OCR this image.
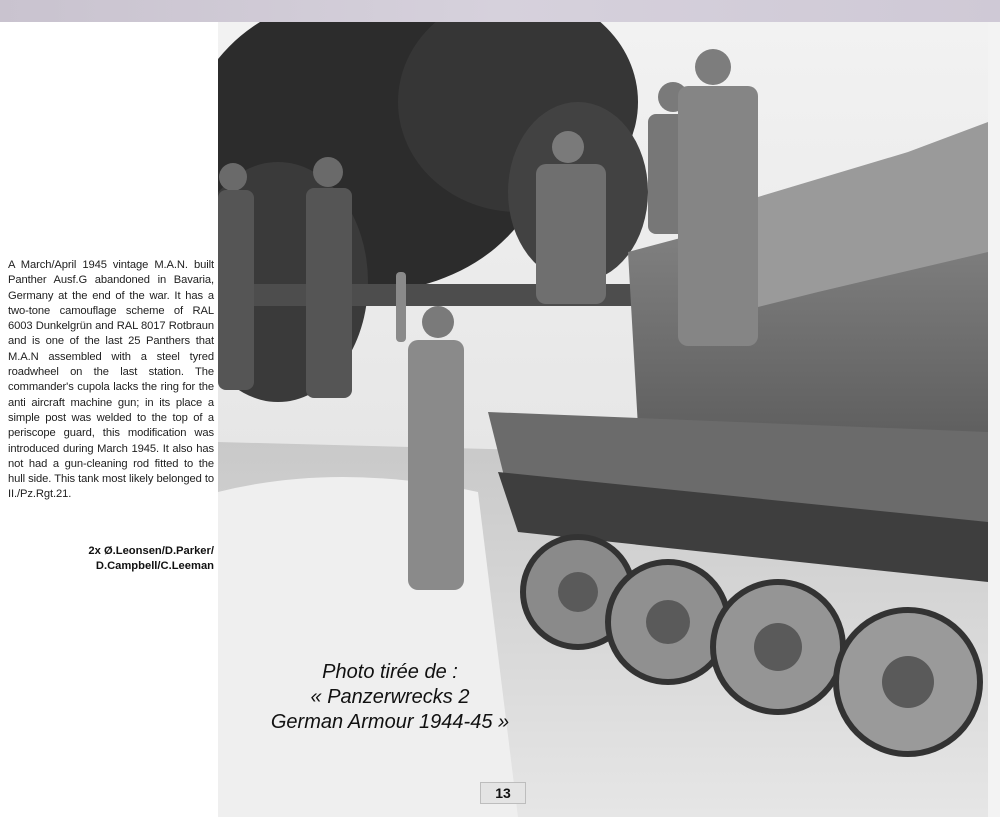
A March/April 1945 vintage M.A.N. built Panther Ausf.G abandoned in Bavaria, Germany at the end of the war. It has a two-tone camouflage scheme of RAL 6003 Dunkelgrün and RAL 8017 Rotbraun and is one of the last 25 Panthers that M.A.N assembled with a steel tyred roadwheel on the last station. The commander's cupola lacks the ring for the anti aircraft machine gun; in its place a simple post was welded to the top of a periscope guard, this modification was introduced during March 1945. It also has not had a gun-cleaning rod fitted to the hull side. This tank most likely belonged to II./Pz.Rgt.21.
2x Ø.Leonsen/D.Parker/
D.Campbell/C.Leeman
Photo tirée de :
« Panzerwrecks 2
German Armour 1944-45 »
13
